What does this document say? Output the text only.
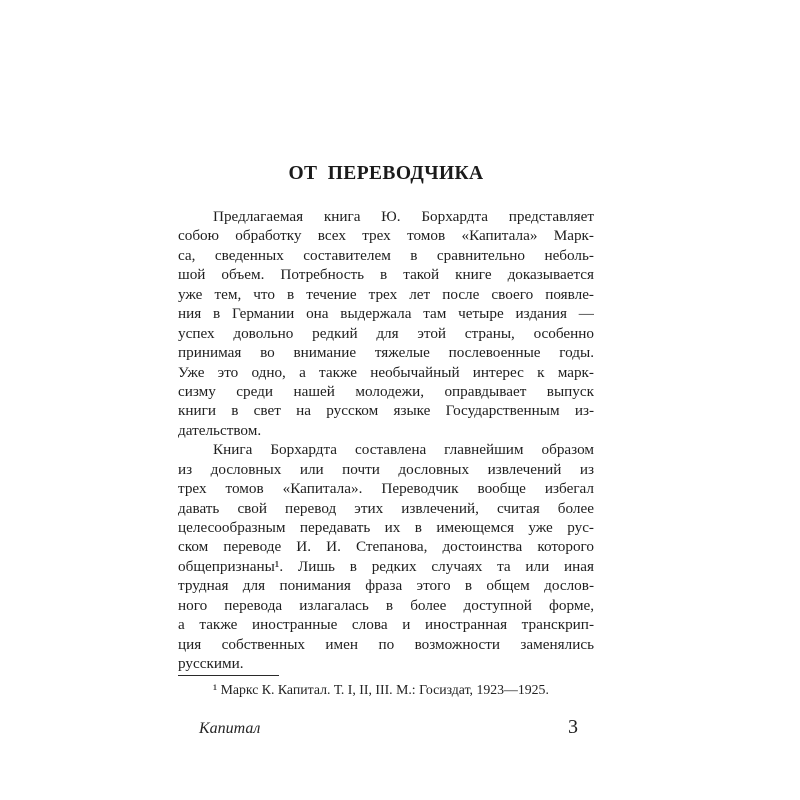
ОТ ПЕРЕВОДЧИКА
Предлагаемая книга Ю. Борхардта представляет
собою обработку всех трех томов «Капитала» Марк-
са, сведенных составителем в сравнительно неболь-
шой объем. Потребность в такой книге доказывается
уже тем, что в течение трех лет после своего появле-
ния в Германии она выдержала там четыре издания —
успех довольно редкий для этой страны, особенно
принимая во внимание тяжелые послевоенные годы.
Уже это одно, а также необычайный интерес к марк-
сизму среди нашей молодежи, оправдывает выпуск
книги в свет на русском языке Государственным из-
дательством.
Книга Борхардта составлена главнейшим образом
из дословных или почти дословных извлечений из
трех томов «Капитала». Переводчик вообще избегал
давать свой перевод этих извлечений, считая более
целесообразным передавать их в имеющемся уже рус-
ском переводе И. И. Степанова, достоинства которого
общепризнаны¹. Лишь в редких случаях та или иная
трудная для понимания фраза этого в общем дослов-
ного перевода излагалась в более доступной форме,
а также иностранные слова и иностранная транскрип-
ция собственных имен по возможности заменялись
русскими.
¹ Маркс К. Капитал. Т. I, II, III. М.: Госиздат, 1923—1925.
Капитал	3
